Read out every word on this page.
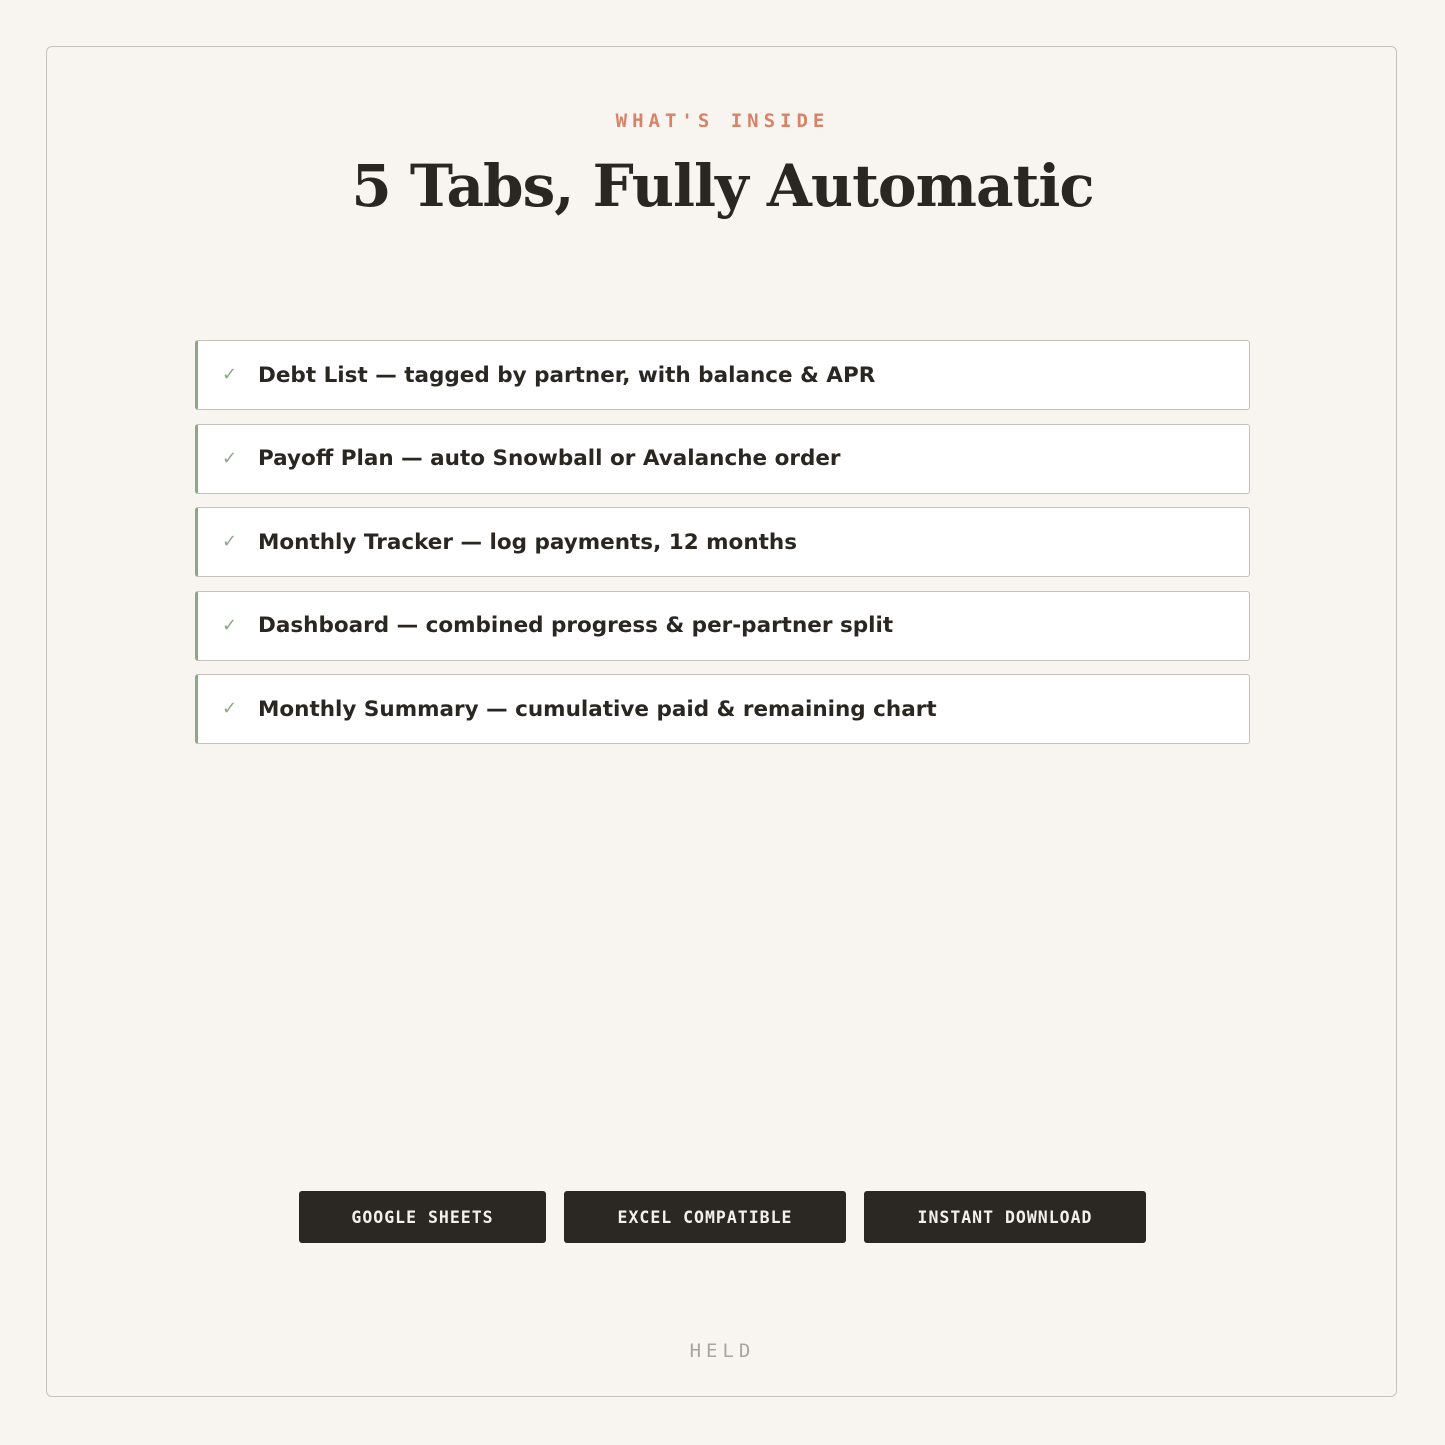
WHAT'S INSIDE
5 Tabs, Fully Automatic
✓ Debt List — tagged by partner, with balance & APR
✓ Payoff Plan — auto Snowball or Avalanche order
✓ Monthly Tracker — log payments, 12 months
✓ Dashboard — combined progress & per-partner split
✓ Monthly Summary — cumulative paid & remaining chart
GOOGLE SHEETS	EXCEL COMPATIBLE	INSTANT DOWNLOAD
HELD
